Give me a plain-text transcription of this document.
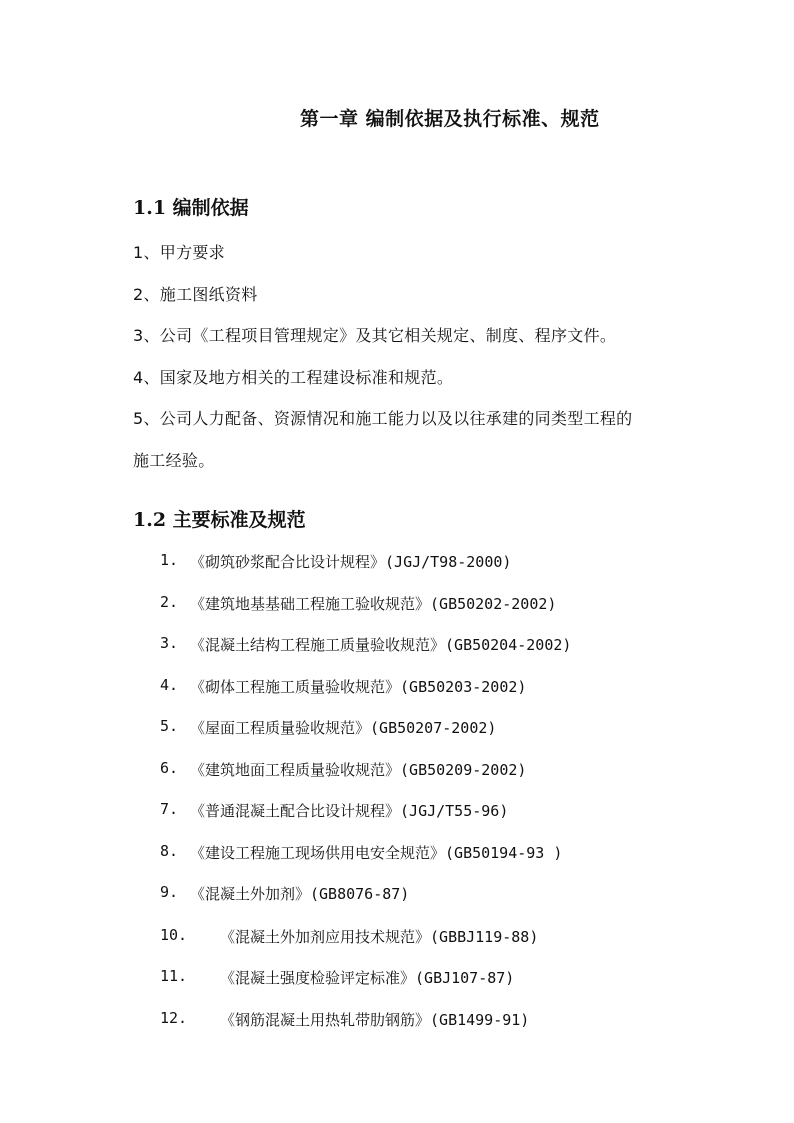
第一章 编制依据及执行标准、规范
1.1 编制依据
1、甲方要求
2、施工图纸资料
3、公司《工程项目管理规定》及其它相关规定、制度、程序文件。
4、国家及地方相关的工程建设标准和规范。
5、公司人力配备、资源情况和施工能力以及以往承建的同类型工程的
施工经验。
1.2 主要标准及规范
1. 《砌筑砂浆配合比设计规程》(JGJ/T98-2000)
2. 《建筑地基基础工程施工验收规范》(GB50202-2002)
3. 《混凝土结构工程施工质量验收规范》(GB50204-2002)
4. 《砌体工程施工质量验收规范》(GB50203-2002)
5. 《屋面工程质量验收规范》(GB50207-2002)
6. 《建筑地面工程质量验收规范》(GB50209-2002)
7. 《普通混凝土配合比设计规程》(JGJ/T55-96)
8. 《建设工程施工现场供用电安全规范》(GB50194-93 )
9. 《混凝土外加剂》(GB8076-87)
10. 《混凝土外加剂应用技术规范》(GBBJ119-88)
11. 《混凝土强度检验评定标准》(GBJ107-87)
12. 《钢筋混凝土用热轧带肋钢筋》(GB1499-91)
